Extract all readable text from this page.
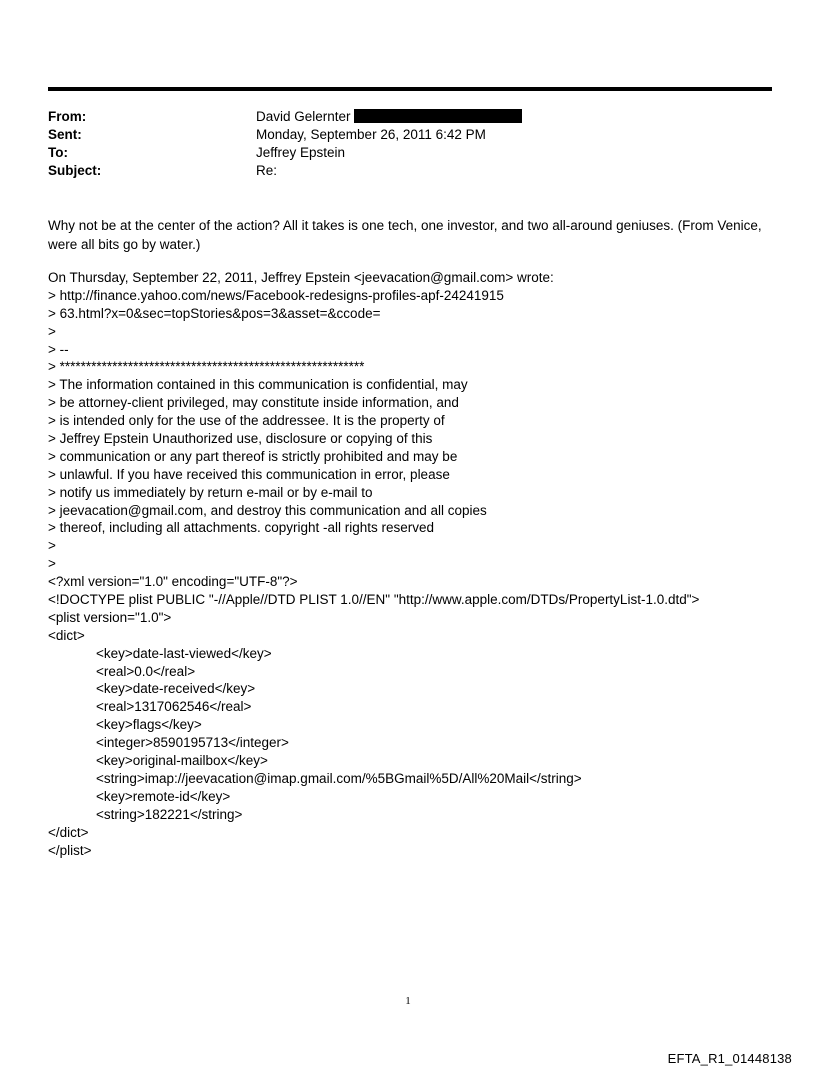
From:	David Gelernter
Sent:	Monday, September 26, 2011 6:42 PM
To:	Jeffrey Epstein
Subject:	Re:

Why not be at the center of the action? All it takes is one tech, one investor, and two all-around geniuses. (From Venice, were all bits go by water.)

On Thursday, September 22, 2011, Jeffrey Epstein <jeevacation@gmail.com> wrote:
> http://finance.yahoo.com/news/Facebook-redesigns-profiles-apf-24241915
> 63.html?x=0&sec=topStories&pos=3&asset=&ccode=
>
> --
> **********************************************************
> The information contained in this communication is confidential, may
> be attorney-client privileged, may constitute inside information, and
> is intended only for the use of the addressee. It is the property of
> Jeffrey Epstein Unauthorized use, disclosure or copying of this
> communication or any part thereof is strictly prohibited and may be
> unlawful. If you have received this communication in error, please
> notify us immediately by return e-mail or by e-mail to
> jeevacation@gmail.com, and destroy this communication and all copies
> thereof, including all attachments. copyright -all rights reserved
>
>
<?xml version="1.0" encoding="UTF-8"?>
<!DOCTYPE plist PUBLIC "-//Apple//DTD PLIST 1.0//EN" "http://www.apple.com/DTDs/PropertyList-1.0.dtd">
<plist version="1.0">
<dict>
<key>date-last-viewed</key>
<real>0.0</real>
<key>date-received</key>
<real>1317062546</real>
<key>flags</key>
<integer>8590195713</integer>
<key>original-mailbox</key>
<string>imap://jeevacation@imap.gmail.com/%5BGmail%5D/All%20Mail</string>
<key>remote-id</key>
<string>182221</string>
</dict>
</plist>
1
EFTA_R1_01448138
